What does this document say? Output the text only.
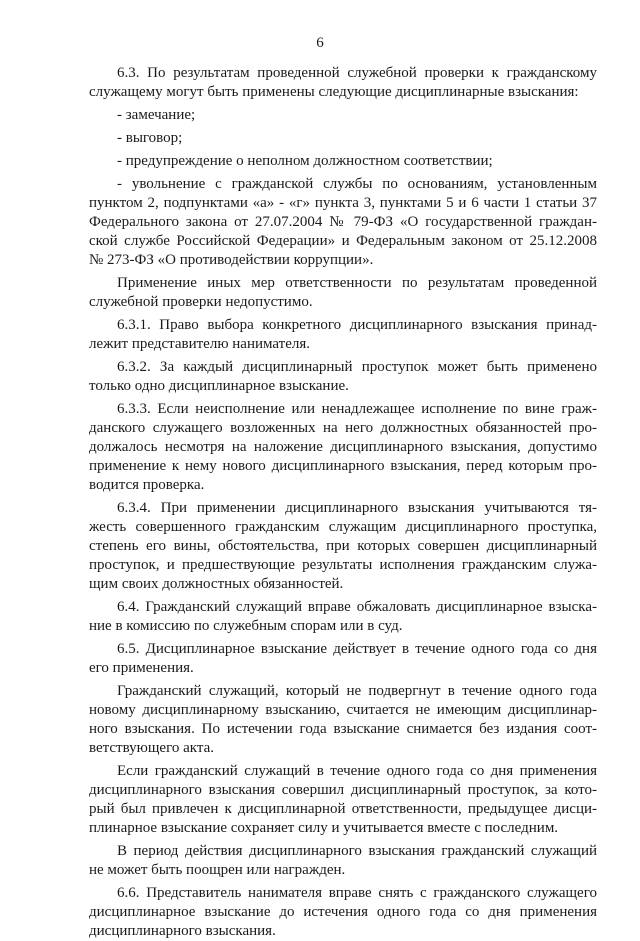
6
6.3. По результатам проведенной служебной проверки к гражданскому
служащему могут быть применены следующие дисциплинарные взыскания:
- замечание;
- выговор;
- предупреждение о неполном должностном соответствии;
- увольнение с гражданской службы по основаниям, установленным
пунктом 2, подпунктами «а» - «г» пункта 3, пунктами 5 и 6 части 1 статьи 37
Федерального закона от 27.07.2004 № 79-ФЗ «О государственной граждан-
ской службе Российской Федерации» и Федеральным законом от 25.12.2008
№ 273-ФЗ «О противодействии коррупции».
Применение иных мер ответственности по результатам проведенной
служебной проверки недопустимо.
6.3.1. Право выбора конкретного дисциплинарного взыскания принад-
лежит представителю нанимателя.
6.3.2. За каждый дисциплинарный проступок может быть применено
только одно дисциплинарное взыскание.
6.3.3. Если неисполнение или ненадлежащее исполнение по вине граж-
данского служащего возложенных на него должностных обязанностей про-
должалось несмотря на наложение дисциплинарного взыскания, допустимо
применение к нему нового дисциплинарного взыскания, перед которым про-
водится проверка.
6.3.4. При применении дисциплинарного взыскания учитываются тя-
жесть совершенного гражданским служащим дисциплинарного проступка,
степень его вины, обстоятельства, при которых совершен дисциплинарный
проступок, и предшествующие результаты исполнения гражданским служа-
щим своих должностных обязанностей.
6.4. Гражданский служащий вправе обжаловать дисциплинарное взыска-
ние в комиссию по служебным спорам или в суд.
6.5. Дисциплинарное взыскание действует в течение одного года со дня
его применения.
Гражданский служащий, который не подвергнут в течение одного года
новому дисциплинарному взысканию, считается не имеющим дисциплинар-
ного взыскания. По истечении года взыскание снимается без издания соот-
ветствующего акта.
Если гражданский служащий в течение одного года со дня применения
дисциплинарного взыскания совершил дисциплинарный проступок, за кото-
рый был привлечен к дисциплинарной ответственности, предыдущее дисци-
плинарное взыскание сохраняет силу и учитывается вместе с последним.
В период действия дисциплинарного взыскания гражданский служащий
не может быть поощрен или награжден.
6.6. Представитель нанимателя вправе снять с гражданского служащего
дисциплинарное взыскание до истечения одного года со дня применения
дисциплинарного взыскания.
